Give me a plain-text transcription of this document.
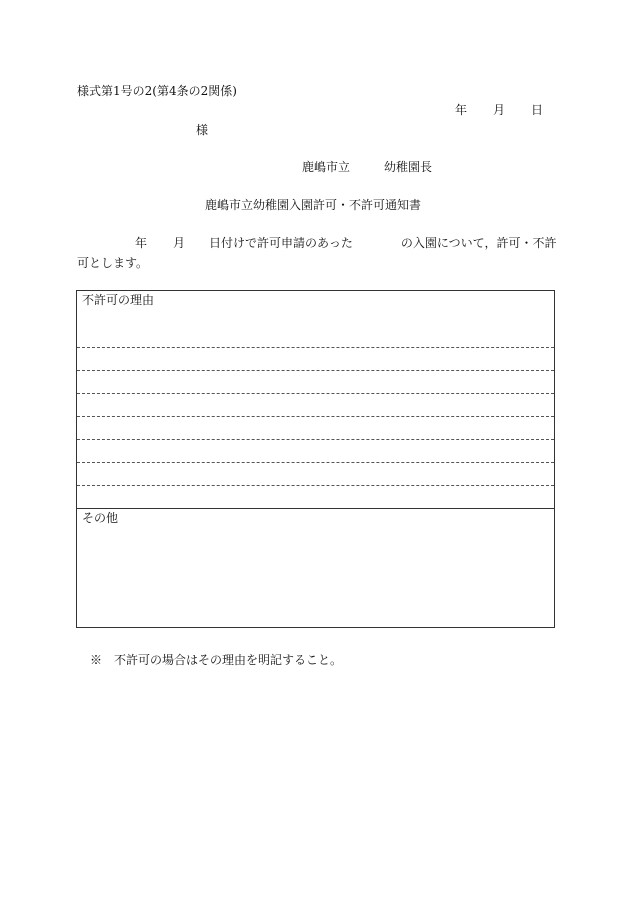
様式第1号の2(第4条の2関係)
年 月 日
様
鹿嶋市立	幼稚園長
鹿嶋市立幼稚園入園許可・不許可通知書
年 月 日付けで許可申請のあった	の入園について，許可・不許
可とします。
不許可の理由
その他
※　不許可の場合はその理由を明記すること。
